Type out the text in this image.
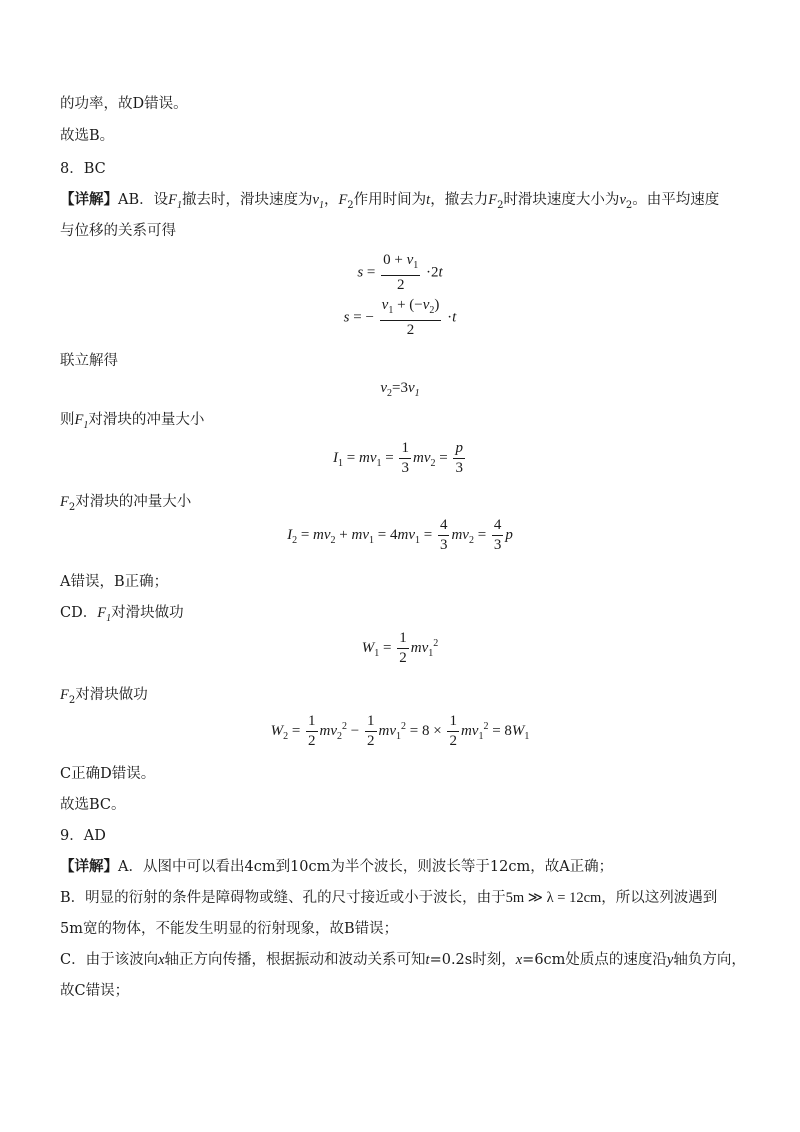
的功率，故D错误。
故选B。
8．BC
【详解】AB．设$F_1$撤去时，滑块速度为$v_1$，$F_2$作用时间为t，撤去力$F_2$时滑块速度大小为$v_2$。由平均速度
与位移的关系可得
$s = \frac{0 + v_1}{2} \cdot 2t$
s = − $\frac{v_1 + (-v_2)}{2} \cdot t$
联立解得
$v_2=3v_1$
则$F_1$对滑块的冲量大小
$I_1 = mv_1 = \frac{1}{3} mv_2 = \frac{p}{3}$
$F_2$对滑块的冲量大小
$I_2 = mv_2 + mv_1 = 4mv_1 = \frac{4}{3} mv_2 = \frac{4}{3}$ p
A错误，B正确；
CD．$F_1$对滑块做功
$W_1 = \frac{1}{2} mv_1^2$
$F_2$对滑块做功
$W_2 = \frac{1}{2} mv_2^2 - \frac{1}{2} mv_1^2 = 8 \times \frac{1}{2} mv_1^2 = 8W_1$
C正确D错误。
故选BC。
9．AD
【详解】A．从图中可以看出4cm到10cm为半个波长，则波长等于12cm，故A正确；
B．明显的衍射的条件是障碍物或缝、孔的尺寸接近或小于波长，由于5m ≫ λ = 12cm，所以这列波遇到
5m宽的物体，不能发生明显的衍射现象，故B错误；
C．由于该波向x轴正方向传播，根据振动和波动关系可知t=0.2s时刻，x=6cm处质点的速度沿y轴负方向，
故C错误；
